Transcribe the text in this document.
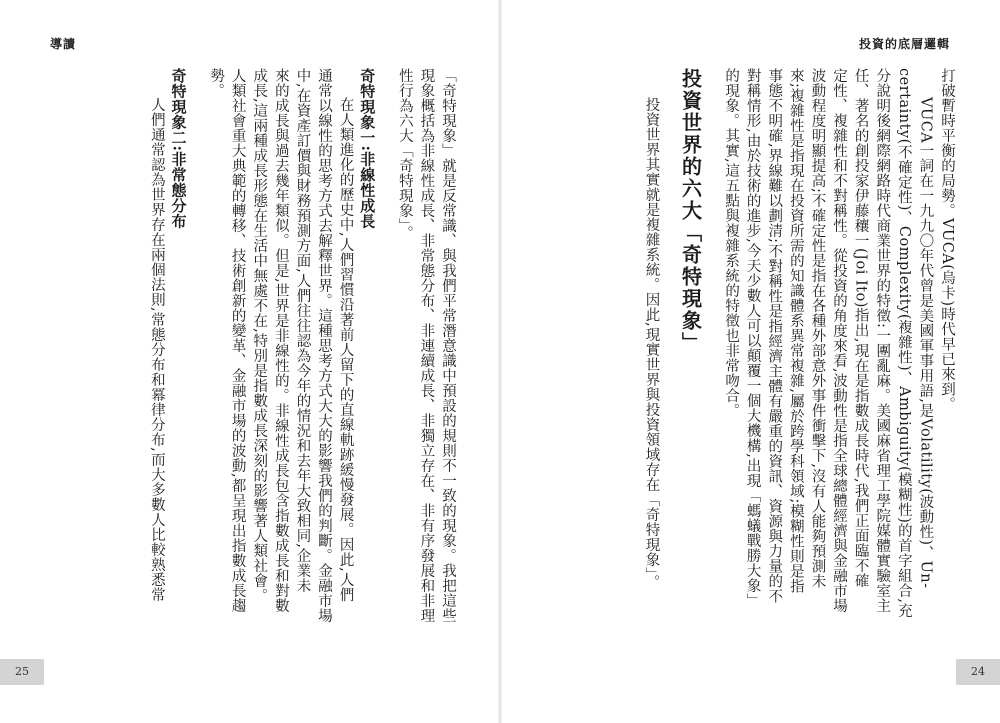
導讀	投資的底層邏輯
打破暫時平衡的局勢。VUCA(烏卡)時代早已來到。
VUCA一詞在一九九〇年代曾是美國軍事用語,是Volatility(波動性)、Un-
certainty(不確定性)、Complexity(複雜性)、Ambiguity(模糊性)的首字組合,充
分說明後網際網路時代商業世界的特徵:一團亂麻。美國麻省理工學院媒體實驗室主
任、著名的創投家伊藤穰一(Joi Ito)指出,現在是指數成長時代,我們正面臨不確
定性、複雜性和不對稱性。從投資的角度來看,波動性是指全球總體經濟與金融市場
波動程度明顯提高;不確定性是指在各種外部意外事件衝擊下,沒有人能夠預測未
來;複雜性是指現在投資所需的知識體系異常複雜,屬於跨學科領域;模糊性則是指
事態不明確,界線難以劃清;不對稱性是指經濟主體有嚴重的資訊、資源與力量的不
對稱情形,由於技術的進步,今天少數人可以顛覆一個大機構,出現「螞蟻戰勝大象」
的現象。其實,這五點與複雜系統的特徵也非常吻合。
投資世界的六大「奇特現象」
投資世界其實就是複雜系統。因此,現實世界與投資領域存在「奇特現象」。
「奇特現象」就是反常識、與我們平常潛意識中預設的規則不一致的現象。我把這些
現象概括為非線性成長、非常態分布、非連續成長、非獨立存在、非有序發展和非理
性行為六大「奇特現象」。
奇特現象一:非線性成長
在人類進化的歷史中,人們習慣沿著前人留下的直線軌跡緩慢發展。因此,人們
通常以線性的思考方式去解釋世界。這種思考方式大大的影響我們的判斷。金融市場
中,在資產訂價與財務預測方面,人們往往認為今年的情況和去年大致相同,企業未
來的成長與過去幾年類似。但是,世界是非線性的。非線性成長包含指數成長和對數
成長,這兩種成長形態在生活中無處不在,特別是指數成長深刻的影響著人類社會。
人類社會重大典範的轉移、技術創新的變革、金融市場的波動,都呈現出指數成長趨
勢。
奇特現象二:非常態分布
人們通常認為世界存在兩個法則,常態分布和冪律分布,而大多數人比較熟悉常
25	24
